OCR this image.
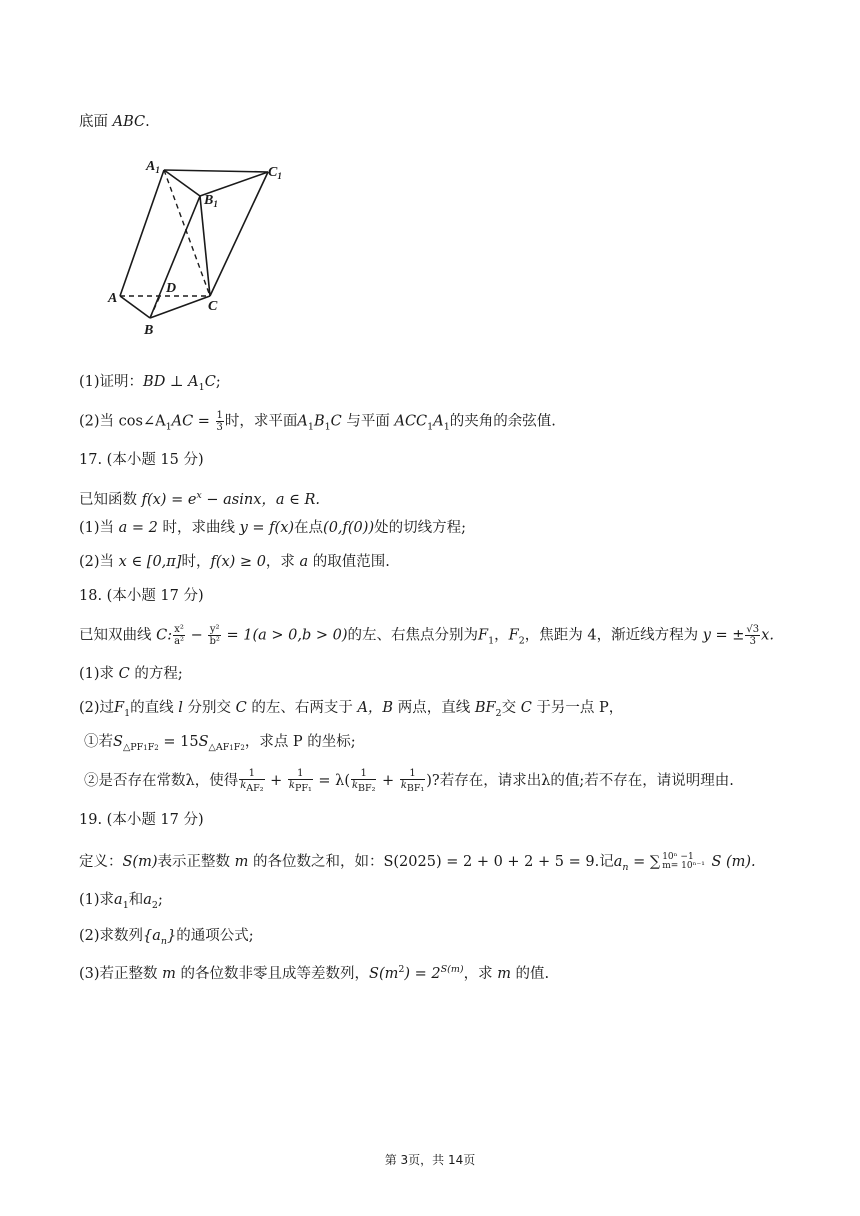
底面 ABC.
$A_1$	$C_1$
$B_1$
A
D
C
B
(1)证明：BD ⊥ $A_1C$;
(2)当 $\cos\angle A_1AC = \frac{1}{3}$ 时，求平面$A_1B_1C$ 与平面 $ACC_1A_1$的夹角的余弦值.
17. (本小题 15 分)
已知函数 $f(x) = e^x - asinx$，a ∈ R.
(1)当 a = 2 时，求曲线 y = f(x)在点(0,f(0))处的切线方程;
(2)当 x ∈ [0,π]时，f(x) ≥ 0，求 a 的取值范围.
18. (本小题 17 分)
已知双曲线 C: $\frac{\text{x²}}{\text{a²}} - \frac{\text{y²}}{\text{b²}} = 1(a > 0,b > 0)$的左、右焦点分别为$F_1$，$F_2$，焦距为 4，渐近线方程为 y = ± $\frac{√3}{3} x$.
(1)求 C 的方程;
(2)过$F_1$的直线 l 分别交 C 的左、右两支于 A，B 两点，直线 $BF_2$交 C 于另一点 P，
①若$S_{\triangle PF1F2} = 15S_{\triangle AF1F2}$，求点 P 的坐标;
②是否存在常数λ，使得 $\frac{1}{k_{AF_2}} + \frac{1}{k_{PF_1}} = \lambda( \frac{1}{k_{BF_2}} + \frac{1}{k_{BF_1}}$ )?若存在，请求出λ的值;若不存在，请说明理由.
19. (本小题 17 分)
定义：S(m)表示正整数 m 的各位数之和，如：S(2025) = 2 + 0 + 2 + 5 = 9.记$a_n$ = ∑ 10ⁿ −1
m= 10ⁿ⁻¹ S (m).
(1)求$a_1$和$a_2$;
(2)求数列$\{a_n\}$的通项公式;
(3)若正整数 m 的各位数非零且成等差数列，$S(m^2) = 2^{S(m)}$，求 m 的值.
第 3页，共 14页
